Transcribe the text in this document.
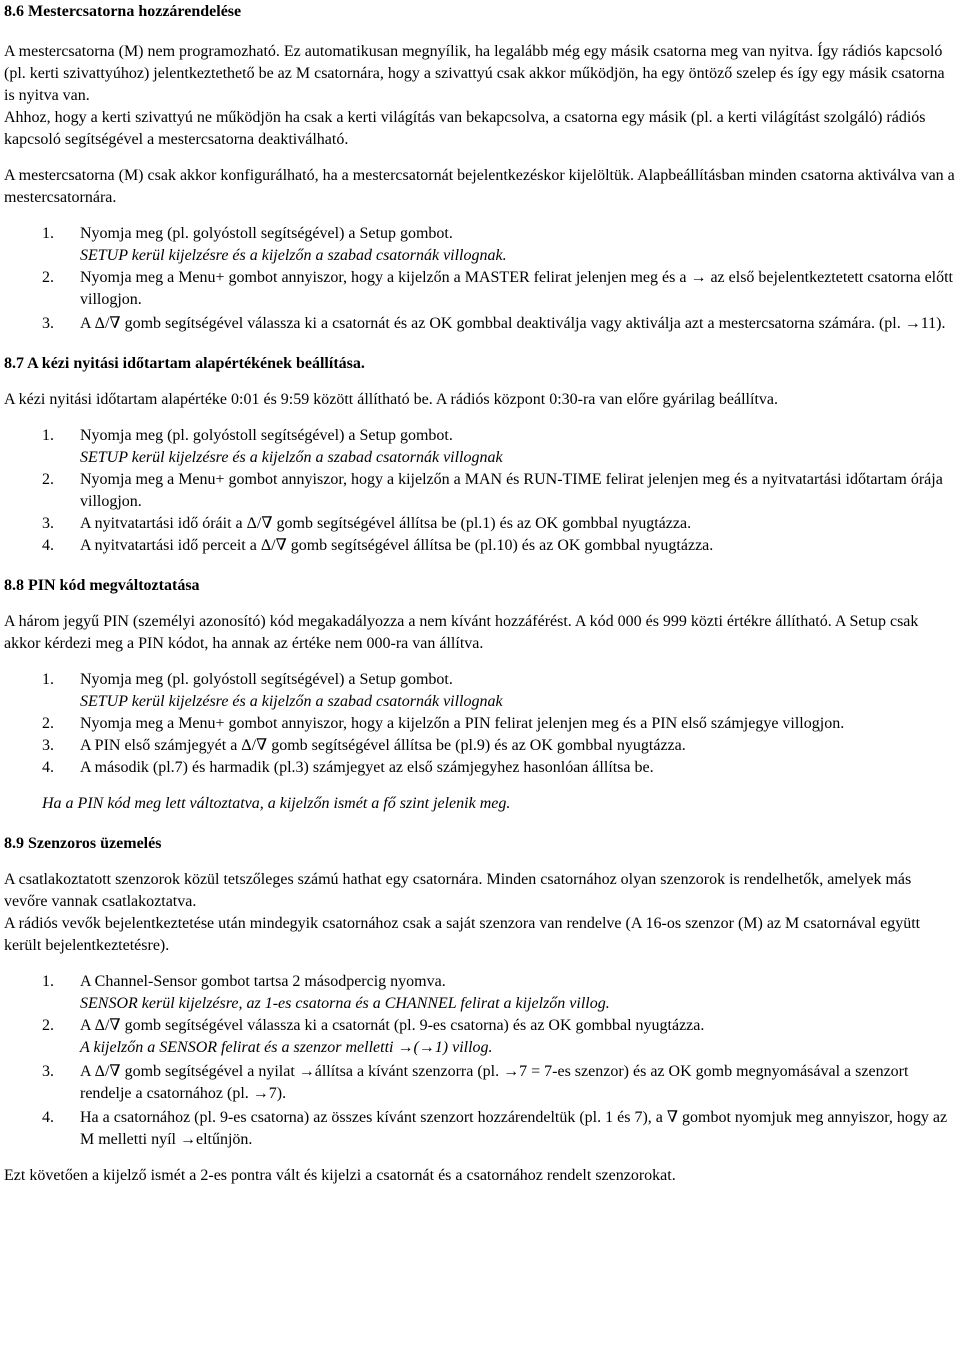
8.6 Mestercsatorna hozzárendelése

A mestercsatorna (M) nem programozható. Ez automatikusan megnyílik, ha legalább még egy másik csatorna meg van nyitva. Így rádiós kapcsoló (pl. kerti szivattyúhoz) jelentkeztethető be az M csatornára, hogy a szivattyú csak akkor működjön, ha egy öntöző szelep és így egy másik csatorna is nyitva van.

Ahhoz, hogy a kerti szivattyú ne működjön ha csak a kerti világítás van bekapcsolva, a csatorna egy másik (pl. a kerti világítást szolgáló) rádiós kapcsoló segítségével a mestercsatorna deaktiválható.

A mestercsatorna (M) csak akkor konfigurálható, ha a mestercsatornát bejelentkezéskor kijelöltük. Alapbeállításban minden csatorna aktiválva van a mestercsatornára.

1. Nyomja meg (pl. golyóstoll segítségével) a Setup gombot.
SETUP kerül kijelzésre és a kijelzőn a szabad csatornák villognak.
2. Nyomja meg a Menu+ gombot annyiszor, hogy a kijelzőn a MASTER felirat jelenjen meg és a → az első bejelentkeztetett csatorna előtt villogjon.
3. A Δ/∇ gomb segítségével válassza ki a csatornát és az OK gombbal deaktiválja vagy aktiválja azt a mestercsatorna számára. (pl. →11).

8.7 A kézi nyitási időtartam alapértékének beállítása.

A kézi nyitási időtartam alapértéke 0:01 és 9:59 között állítható be. A rádiós központ 0:30-ra van előre gyárilag beállítva.

1. Nyomja meg (pl. golyóstoll segítségével) a Setup gombot.
SETUP kerül kijelzésre és a kijelzőn a szabad csatornák villognak
2. Nyomja meg a Menu+ gombot annyiszor, hogy a kijelzőn a MAN és RUN-TIME felirat jelenjen meg és a nyitvatartási időtartam órája villogjon.
3. A nyitvatartási idő óráit a Δ/∇ gomb segítségével állítsa be (pl.1) és az OK gombbal nyugtázza.
4. A nyitvatartási idő perceit a Δ/∇ gomb segítségével állítsa be (pl.10) és az OK gombbal nyugtázza.

8.8 PIN kód megváltoztatása

A három jegyű PIN (személyi azonosító) kód megakadályozza a nem kívánt hozzáférést. A kód 000 és 999 közti értékre állítható. A Setup csak akkor kérdezi meg a PIN kódot, ha annak az értéke nem 000-ra van állítva.

1. Nyomja meg (pl. golyóstoll segítségével) a Setup gombot.
SETUP kerül kijelzésre és a kijelzőn a szabad csatornák villognak
2. Nyomja meg a Menu+ gombot annyiszor, hogy a kijelzőn a PIN felirat jelenjen meg és a PIN első számjegye villogjon.
3. A PIN első számjegyét a Δ/∇ gomb segítségével állítsa be (pl.9) és az OK gombbal nyugtázza.
4. A második (pl.7) és harmadik (pl.3) számjegyet az első számjegyhez hasonlóan állítsa be.

Ha a PIN kód meg lett változtatva, a kijelzőn ismét a fő szint jelenik meg.

8.9 Szenzoros üzemelés

A csatlakoztatott szenzorok közül tetszőleges számú hathat egy csatornára. Minden csatornához olyan szenzorok is rendelhetők, amelyek más vevőre vannak csatlakoztatva.

A rádiós vevők bejelentkeztetése után mindegyik csatornához csak a saját szenzora van rendelve (A 16-os szenzor (M) az M csatornával együtt került bejelentkeztetésre).

1. A Channel-Sensor gombot tartsa 2 másodpercig nyomva.
SENSOR kerül kijelzésre, az 1-es csatorna és a CHANNEL felirat a kijelzőn villog.
2. A Δ/∇ gomb segítségével válassza ki a csatornát (pl. 9-es csatorna) és az OK gombbal nyugtázza.
A kijelzőn a SENSOR felirat és a szenzor melletti →(→1) villog.
3. A Δ/∇ gomb segítségével a nyilat →állítsa a kívánt szenzorra (pl. →7 = 7-es szenzor) és az OK gomb megnyomásával a szenzort rendelje a csatornához (pl. →7).
4. Ha a csatornához (pl. 9-es csatorna) az összes kívánt szenzort hozzárendeltük (pl. 1 és 7), a ∇ gombot nyomjuk meg annyiszor, hogy az M melletti nyíl →eltűnjön.

Ezt követően a kijelző ismét a 2-es pontra vált és kijelzi a csatornát és a csatornához rendelt szenzorokat.
